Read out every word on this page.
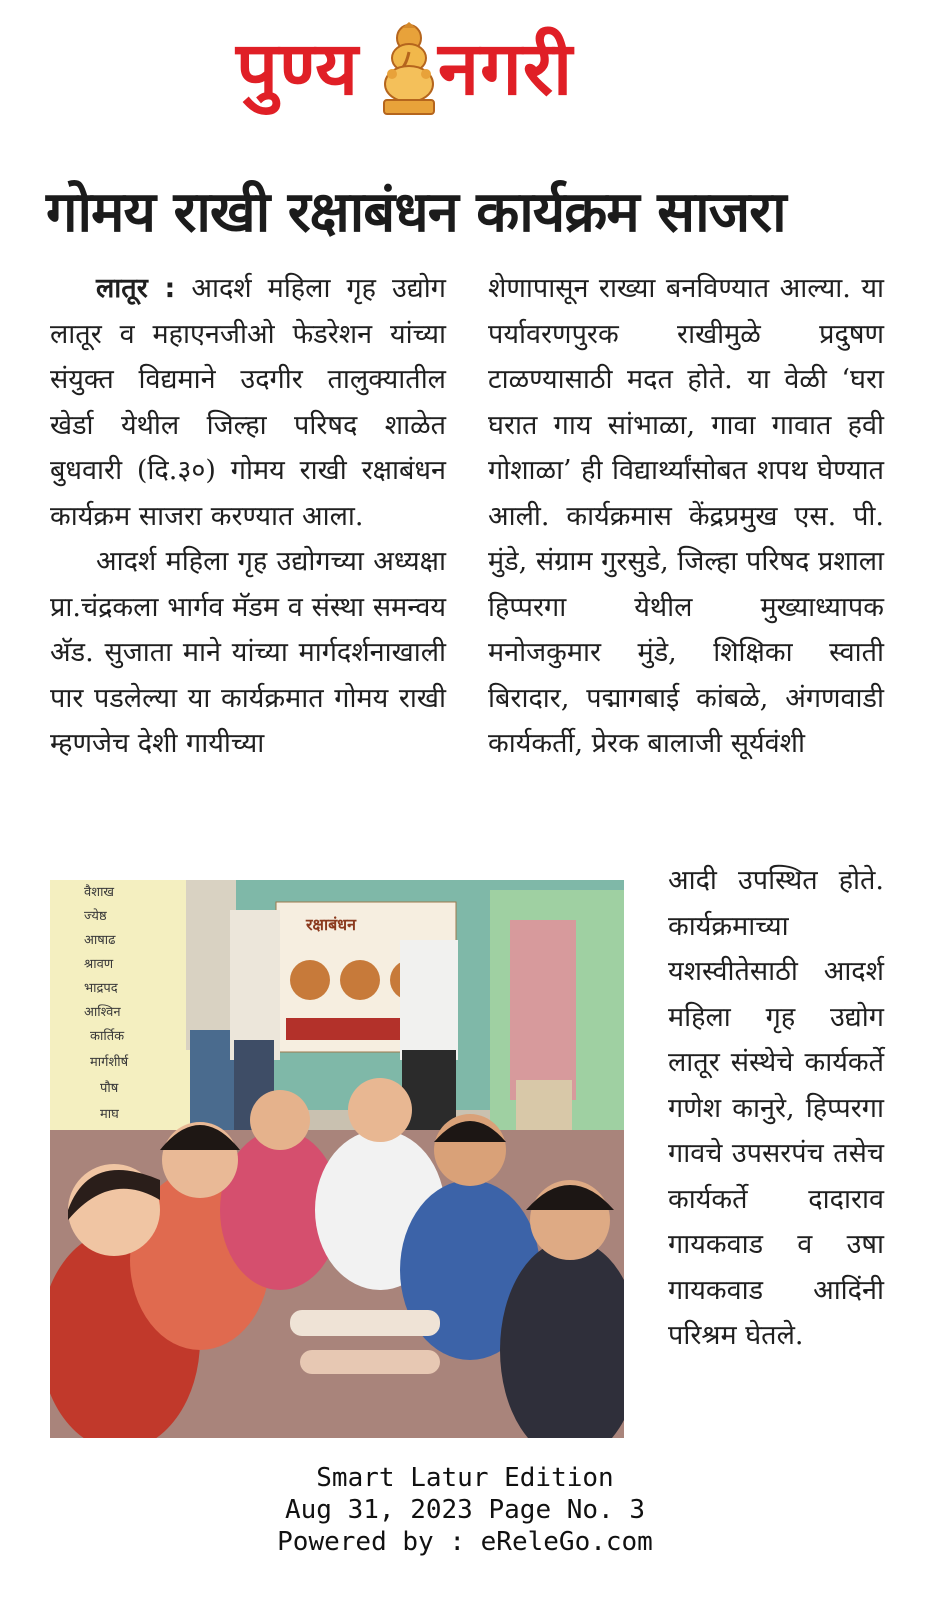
पुण्य नगरी
गोमय राखी रक्षाबंधन कार्यक्रम साजरा

लातूर : आदर्श महिला गृह उद्योग लातूर व महाएनजीओ फेडरेशन यांच्या संयुक्त विद्यमाने उदगीर तालुक्यातील खेर्डा येथील जिल्हा परिषद शाळेत बुधवारी (दि.३०) गोमय राखी रक्षाबंधन कार्यक्रम साजरा करण्यात आला.

आदर्श महिला गृह उद्योगच्या अध्यक्षा प्रा.चंद्रकला भार्गव मॅडम व संस्था समन्वय अ‍ॅड. सुजाता माने यांच्या मार्गदर्शनाखाली पार पडलेल्या या कार्यक्रमात गोमय राखी म्हणजेच देशी गायीच्या

शेणापासून राख्या बनविण्यात आल्या. या पर्यावरणपुरक राखीमुळे प्रदुषण टाळण्यासाठी मदत होते. या वेळी ‘घरा घरात गाय सांभाळा, गावा गावात हवी गोशाळा’ ही विद्यार्थ्यांसोबत शपथ घेण्यात आली. कार्यक्रमास केंद्रप्रमुख एस. पी. मुंडे, संग्राम गुरसुडे, जिल्हा परिषद प्रशाला हिप्परगा येथील मुख्याध्यापक मनोजकुमार मुंडे, शिक्षिका स्वाती बिरादार, पद्मागबाई कांबळे, अंगणवाडी कार्यकर्ती, प्रेरक बालाजी सूर्यवंशी

आदी उपस्थित होते. कार्यक्रमाच्या यशस्वीतेसाठी आदर्श महिला गृह उद्योग लातूर संस्थेचे कार्यकर्ते गणेश कानुरे, हिप्परगा गावचे उपसरपंच तसेच कार्यकर्ते दादाराव गायकवाड व उषा गायकवाड आदिंनी परिश्रम घेतले.

वैशाख
ज्येष्ठ
आषाढ
श्रावण
भाद्रपद
आश्विन
कार्तिक
मार्गशीर्ष
पौष
माघ
रक्षाबंधन
Smart Latur Edition
Aug 31, 2023 Page No. 3
Powered by : eReleGo.com
